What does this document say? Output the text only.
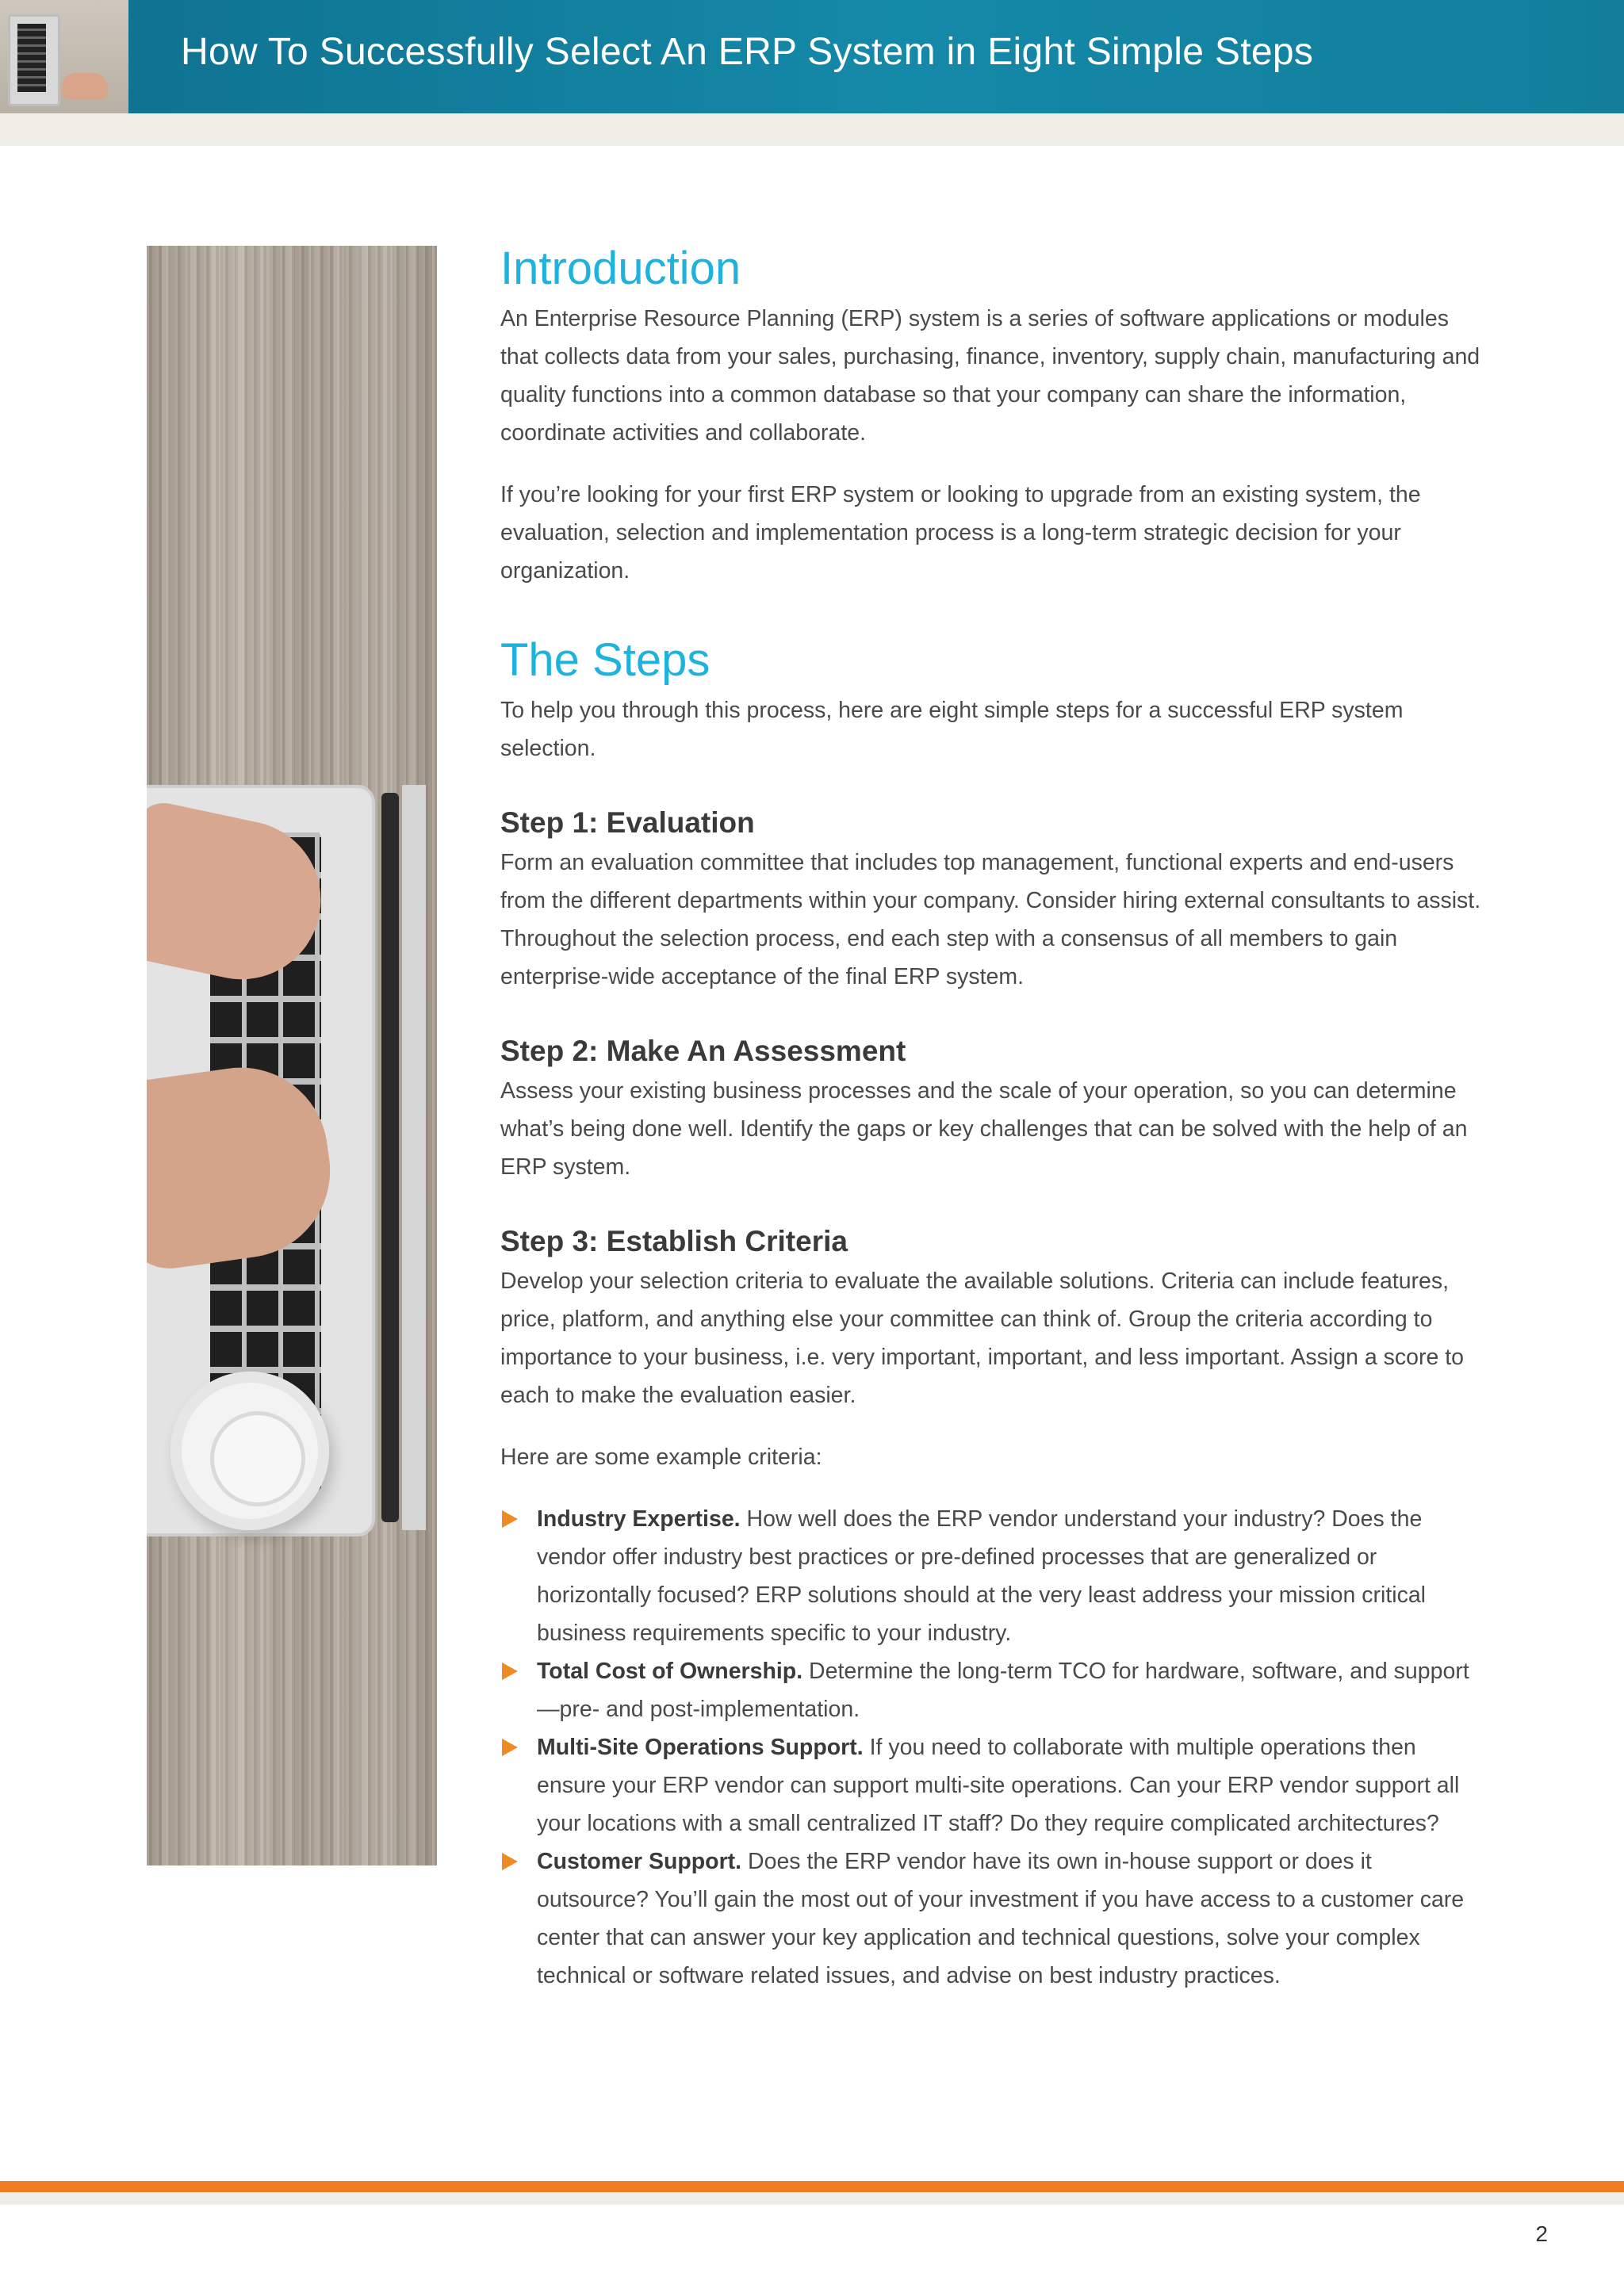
How To Successfully Select An ERP System in Eight Simple Steps
Introduction

An Enterprise Resource Planning (ERP) system is a series of software applications or modules that collects data from your sales, purchasing, finance, inventory, supply chain, manufacturing and quality functions into a common database so that your company can share the information, coordinate activities and collaborate.

If you’re looking for your first ERP system or looking to upgrade from an existing system, the evaluation, selection and implementation process is a long-term strategic decision for your organization.

The Steps

To help you through this process, here are eight simple steps for a successful ERP system selection.

Step 1: Evaluation

Form an evaluation committee that includes top management, functional experts and end-users from the different departments within your company. Consider hiring external consultants to assist. Throughout the selection process, end each step with a consensus of all members to gain enterprise-wide acceptance of the final ERP system.

Step 2: Make An Assessment

Assess your existing business processes and the scale of your operation, so you can determine what’s being done well. Identify the gaps or key challenges that can be solved with the help of an ERP system.

Step 3: Establish Criteria

Develop your selection criteria to evaluate the available solutions. Criteria can include features, price, platform, and anything else your committee can think of. Group the criteria according to importance to your business, i.e. very important, important, and less important. Assign a score to each to make the evaluation easier.

Here are some example criteria:

Industry Expertise. How well does the ERP vendor understand your industry? Does the vendor offer industry best practices or pre-defined processes that are generalized or horizontally focused? ERP solutions should at the very least address your mission critical business requirements specific to your industry.
Total Cost of Ownership. Determine the long-term TCO for hardware, software, and support—pre- and post-implementation.
Multi-Site Operations Support. If you need to collaborate with multiple operations then ensure your ERP vendor can support multi-site operations. Can your ERP vendor support all your locations with a small centralized IT staff? Do they require complicated architectures?
Customer Support. Does the ERP vendor have its own in-house support or does it outsource? You’ll gain the most out of your investment if you have access to a customer care center that can answer your key application and technical questions, solve your complex technical or software related issues, and advise on best industry practices.
2
